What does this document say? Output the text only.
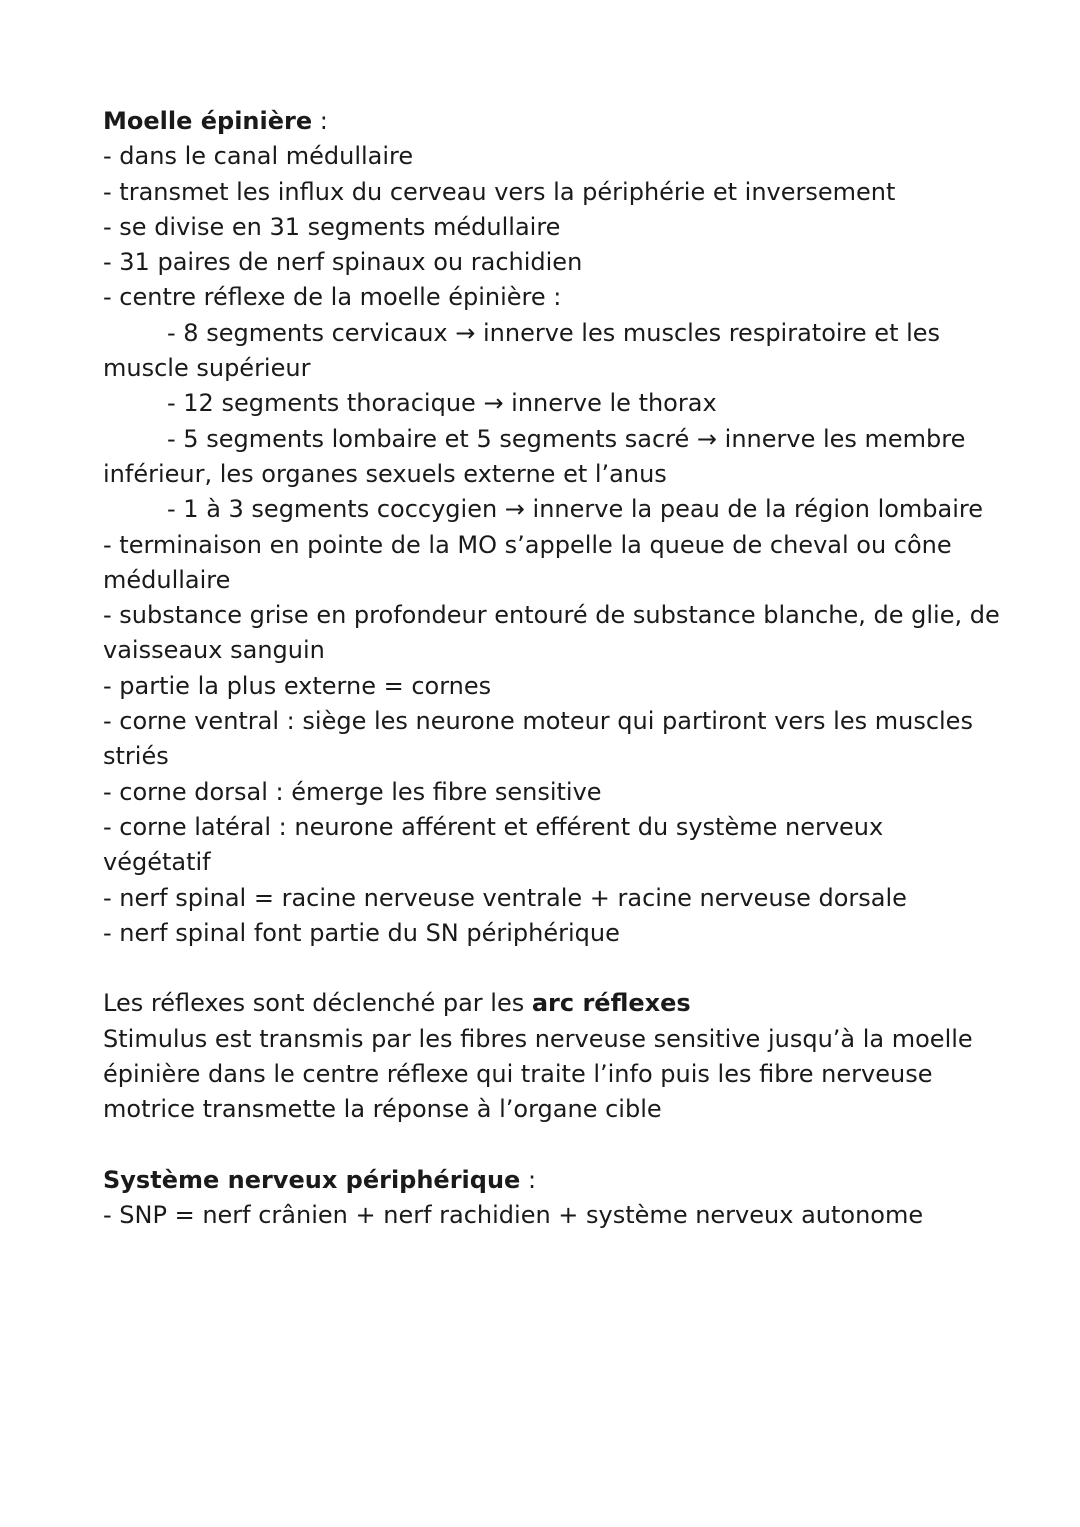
Moelle épinière :

- dans le canal médullaire

- transmet les influx du cerveau vers la périphérie et inversement

- se divise en 31 segments médullaire

- 31 paires de nerf spinaux ou rachidien

- centre réflexe de la moelle épinière :

- 8 segments cervicaux → innerve les muscles respiratoire et les

muscle supérieur

- 12 segments thoracique → innerve le thorax

- 5 segments lombaire et 5 segments sacré → innerve les membre

inférieur, les organes sexuels externe et l’anus

- 1 à 3 segments coccygien → innerve la peau de la région lombaire

- terminaison en pointe de la MO s’appelle la queue de cheval ou cône

médullaire

- substance grise en profondeur entouré de substance blanche, de glie, de

vaisseaux sanguin

- partie la plus externe = cornes

- corne ventral : siège les neurone moteur qui partiront vers les muscles

striés

- corne dorsal : émerge les fibre sensitive

- corne latéral : neurone afférent et efférent du système nerveux

végétatif

- nerf spinal = racine nerveuse ventrale + racine nerveuse dorsale

- nerf spinal font partie du SN périphérique

Les réflexes sont déclenché par les arc réflexes

Stimulus est transmis par les fibres nerveuse sensitive jusqu’à la moelle

épinière dans le centre réflexe qui traite l’info puis les fibre nerveuse

motrice transmette la réponse à l’organe cible

Système nerveux périphérique :

- SNP = nerf crânien + nerf rachidien + système nerveux autonome
